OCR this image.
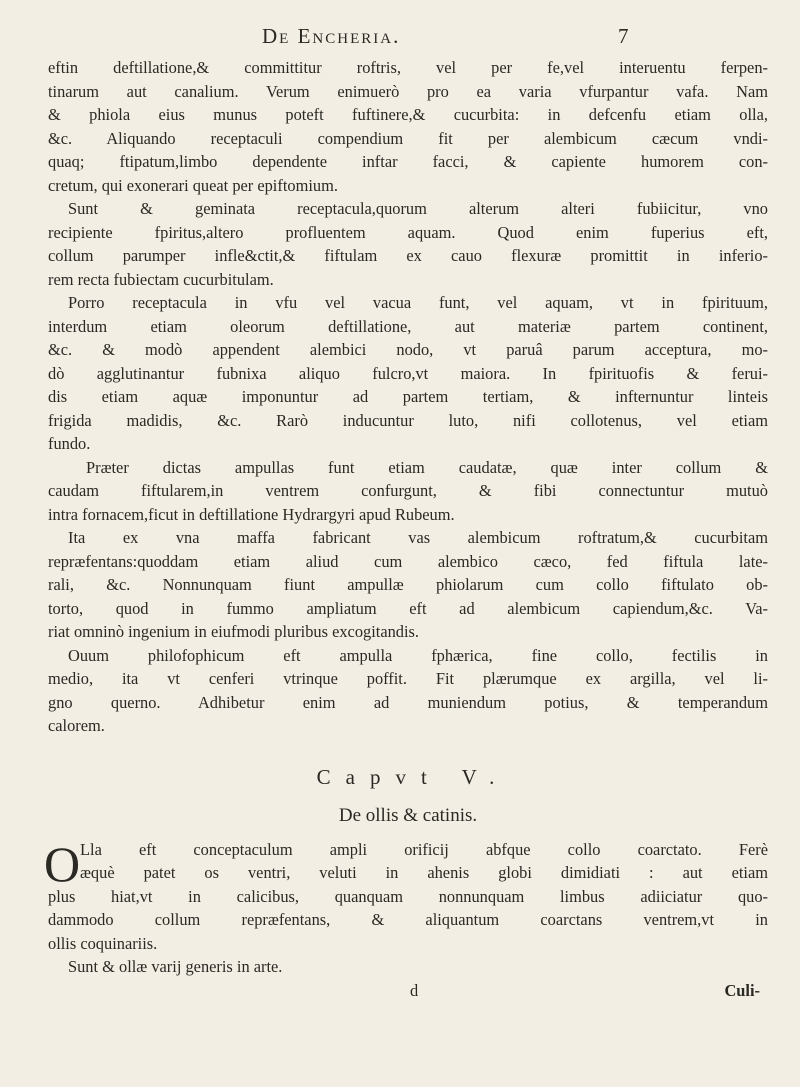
De Encheria.	7
eftin deftillatione,& committitur roftris, vel per fe,vel interuentu ferpen-
tinarum aut canalium. Verum enimuerò pro ea varia vfurpantur vafa. Nam
& phiola eius munus poteft fuftinere,& cucurbita: in defcenfu etiam olla,
&c. Aliquando receptaculi compendium fit per alembicum cæcum vndi-
quaq; ftipatum,limbo dependente inftar facci, & capiente humorem con-
cretum, qui exonerari queat per epiftomium.
Sunt & geminata receptacula,quorum alterum alteri fubiicitur, vno
recipiente fpiritus,altero profluentem aquam. Quod enim fuperius eft,
collum parumper infle&ctit,& fiftulam ex cauo flexuræ promittit in inferio-
rem recta fubiectam cucurbitulam.
Porro receptacula in vfu vel vacua funt, vel aquam, vt in fpirituum,
interdum etiam oleorum deftillatione, aut materiæ partem continent,
&c. & modò appendent alembici nodo, vt paruâ parum acceptura, mo-
dò agglutinantur fubnixa aliquo fulcro,vt maiora. In fpirituofis & ferui-
dis etiam aquæ imponuntur ad partem tertiam, & infternuntur linteis
frigida madidis, &c. Rarò inducuntur luto, nifi collotenus, vel etiam
fundo.
Præter dictas ampullas funt etiam caudatæ, quæ inter collum &
caudam fiftularem,in ventrem confurgunt, & fibi connectuntur mutuò
intra fornacem,ficut in deftillatione Hydrargyri apud Rubeum.
Ita ex vna maffa fabricant vas alembicum roftratum,& cucurbitam
repræfentans:quoddam etiam aliud cum alembico cæco, fed fiftula late-
rali, &c. Nonnunquam fiunt ampullæ phiolarum cum collo fiftulato ob-
torto, quod in fummo ampliatum eft ad alembicum capiendum,&c. Va-
riat omninò ingenium in eiufmodi pluribus excogitandis.
Ouum philofophicum eft ampulla fphærica, fine collo, fectilis in
medio, ita vt cenferi vtrinque poffit. Fit plærumque ex argilla, vel li-
gno querno. Adhibetur enim ad muniendum potius, & temperandum
calorem.
Capvt V.
De ollis & catinis.
O Lla eft conceptaculum ampli orificij abfque collo coarctato. Ferè
æquè patet os ventri, veluti in ahenis globi dimidiati : aut etiam
plus hiat,vt in calicibus, quanquam nonnunquam limbus adiiciatur quo-
dammodo collum repræfentans, & aliquantum coarctans ventrem,vt in
ollis coquinariis.
Sunt & ollæ varij generis in arte.
d	Culi-
